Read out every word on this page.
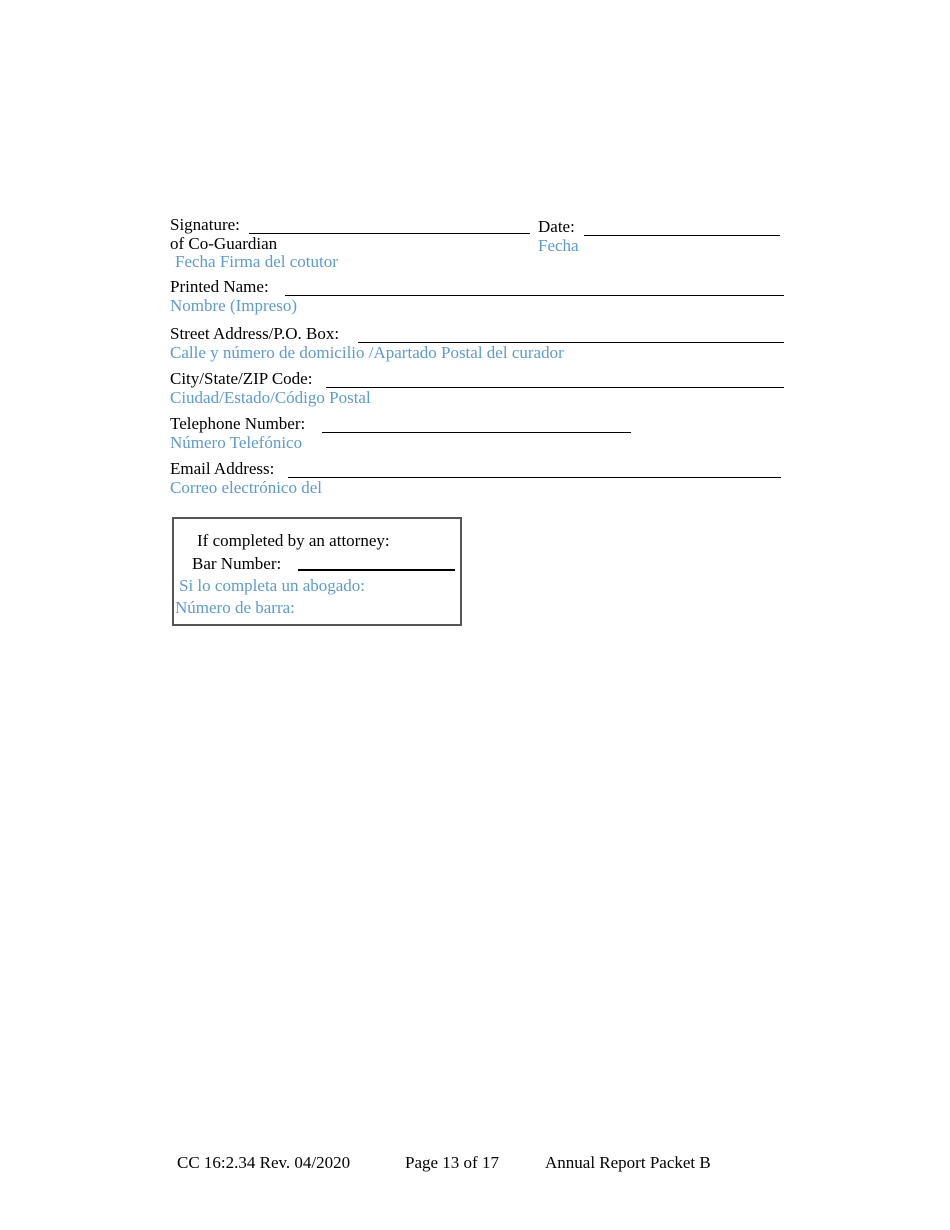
Signature:
of Co-Guardian
Fecha Firma del cotutor
Date:
Fecha
Printed Name:
Nombre (Impreso)
Street Address/P.O. Box:
Calle y número de domicilio /Apartado Postal del curador
City/State/ZIP Code:
Ciudad/Estado/Código Postal
Telephone Number:
Número Telefónico
Email Address:
Correo electrónico del
If completed by an attorney:
Bar Number:
Si lo completa un abogado:
Número de barra:
CC 16:2.34 Rev. 04/2020	Page 13 of 17	Annual Report Packet B
